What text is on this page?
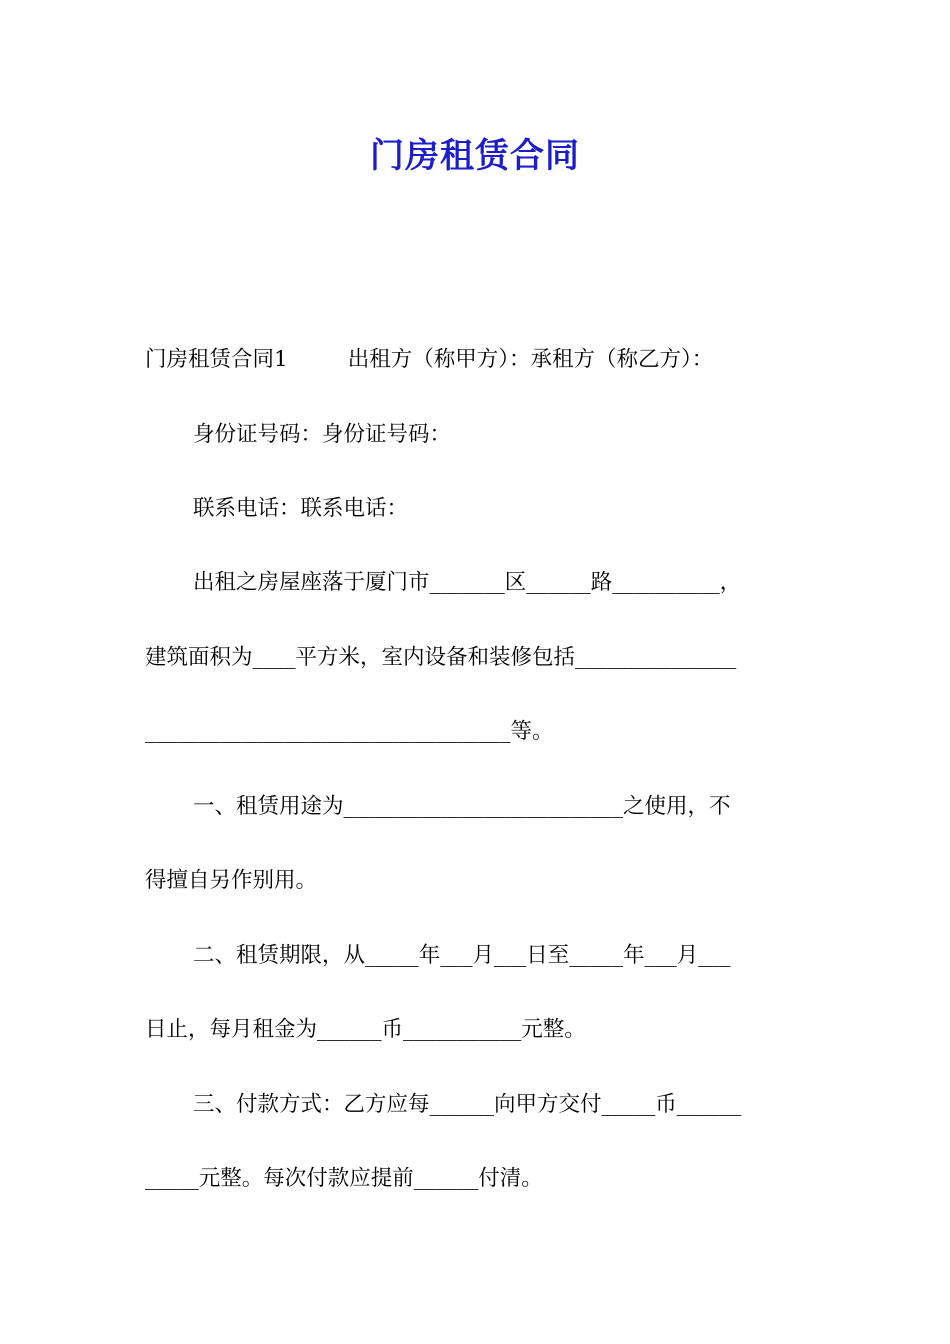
门房租赁合同
门房租赁合同1	出租方（称甲方）：承租方（称乙方）：
身份证号码：身份证号码：
联系电话：联系电话：
出租之房屋座落于厦门市_______区______路__________，
建筑面积为____平方米，室内设备和装修包括_______________
__________________________________等。
一、租赁用途为__________________________之使用，不
得擅自另作别用。
二、租赁期限，从_____年___月___日至_____年___月___
日止，每月租金为______币___________元整。
三、付款方式：乙方应每______向甲方交付_____币______
_____元整。每次付款应提前______付清。
